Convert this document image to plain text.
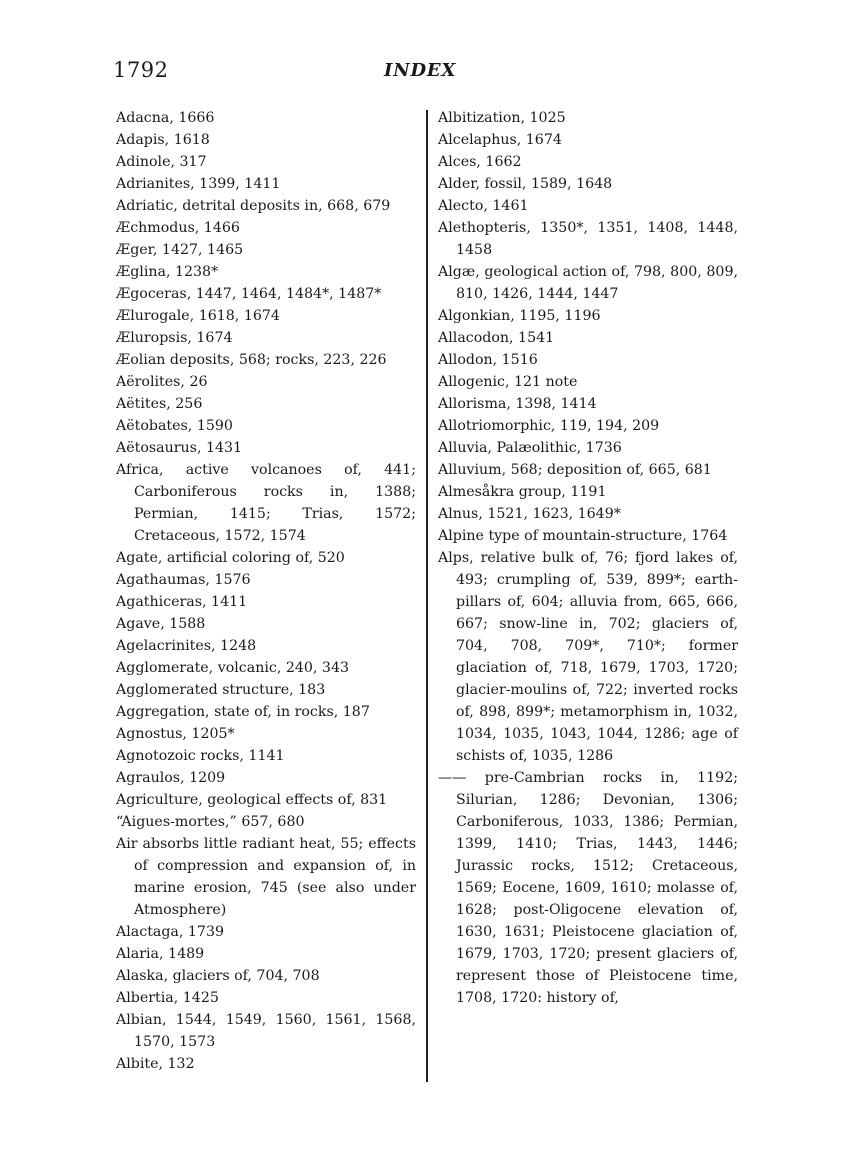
1792	INDEX
Adacna, 1666
Adapis, 1618
Adinole, 317
Adrianites, 1399, 1411
Adriatic, detrital deposits in, 668, 679
Æchmodus, 1466
Æger, 1427, 1465
Æglina, 1238*
Ægoceras, 1447, 1464, 1484*, 1487*
Ælurogale, 1618, 1674
Æluropsis, 1674
Æolian deposits, 568; rocks, 223, 226
Aërolites, 26
Aëtites, 256
Aëtobates, 1590
Aëtosaurus, 1431
Africa, active volcanoes of, 441; Carboniferous rocks in, 1388; Permian, 1415; Trias, 1572; Cretaceous, 1572, 1574
Agate, artificial coloring of, 520
Agathaumas, 1576
Agathiceras, 1411
Agave, 1588
Agelacrinites, 1248
Agglomerate, volcanic, 240, 343
Agglomerated structure, 183
Aggregation, state of, in rocks, 187
Agnostus, 1205*
Agnotozoic rocks, 1141
Agraulos, 1209
Agriculture, geological effects of, 831
“Aigues-mortes,” 657, 680
Air absorbs little radiant heat, 55; effects of compression and expansion of, in marine erosion, 745 (see also under Atmosphere)
Alactaga, 1739
Alaria, 1489
Alaska, glaciers of, 704, 708
Albertia, 1425
Albian, 1544, 1549, 1560, 1561, 1568, 1570, 1573
Albite, 132
Albitization, 1025
Alcelaphus, 1674
Alces, 1662
Alder, fossil, 1589, 1648
Alecto, 1461
Alethopteris, 1350*, 1351, 1408, 1448, 1458
Algæ, geological action of, 798, 800, 809, 810, 1426, 1444, 1447
Algonkian, 1195, 1196
Allacodon, 1541
Allodon, 1516
Allogenic, 121 note
Allorisma, 1398, 1414
Allotriomorphic, 119, 194, 209
Alluvia, Palæolithic, 1736
Alluvium, 568; deposition of, 665, 681
Almesåkra group, 1191
Alnus, 1521, 1623, 1649*
Alpine type of mountain-structure, 1764
Alps, relative bulk of, 76; fjord lakes of, 493; crumpling of, 539, 899*; earth-pillars of, 604; alluvia from, 665, 666, 667; snow-line in, 702; glaciers of, 704, 708, 709*, 710*; former glaciation of, 718, 1679, 1703, 1720; glacier-moulins of, 722; inverted rocks of, 898, 899*; metamorphism in, 1032, 1034, 1035, 1043, 1044, 1286; age of schists of, 1035, 1286
—— pre-Cambrian rocks in, 1192; Silurian, 1286; Devonian, 1306; Carboniferous, 1033, 1386; Permian, 1399, 1410; Trias, 1443, 1446; Jurassic rocks, 1512; Cretaceous, 1569; Eocene, 1609, 1610; molasse of, 1628; post-Oligocene elevation of, 1630, 1631; Pleistocene glaciation of, 1679, 1703, 1720; present glaciers of, represent those of Pleistocene time, 1708, 1720: history of,
